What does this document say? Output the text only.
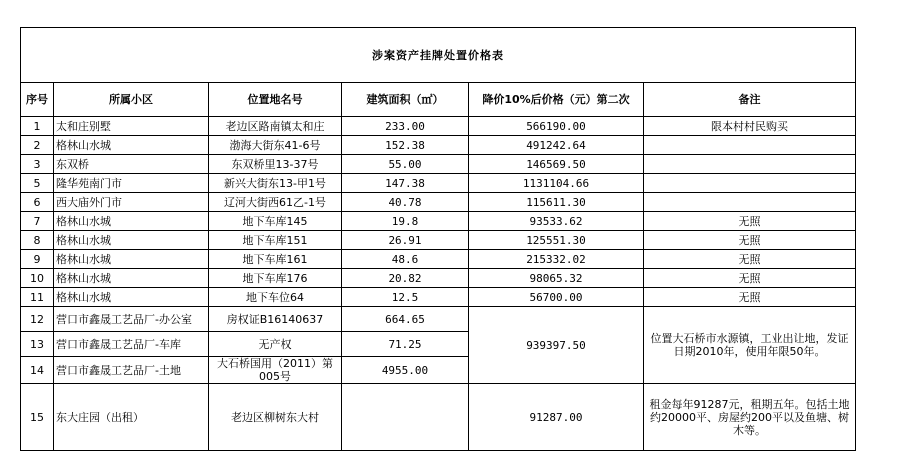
涉案资产挂牌处置价格表					
序号	所属小区	位置地名号	建筑面积（㎡）	降价10%后价格（元）第二次	备注
1	太和庄别墅	老边区路南镇太和庄	233.00	566190.00	限本村村民购买
2	格林山水城	渤海大街东41-6号	152.38	491242.64	
3	东双桥	东双桥里13-37号	55.00	146569.50	
5	隆华苑南门市	新兴大街东13-甲1号	147.38	1131104.66	
6	西大庙外门市	辽河大街西61乙-1号	40.78	115611.30	
7	格林山水城	地下车库145	19.8	93533.62	无照
8	格林山水城	地下车库151	26.91	125551.30	无照
9	格林山水城	地下车库161	48.6	215332.02	无照
10	格林山水城	地下车库176	20.82	98065.32	无照
11	格林山水城	地下车位64	12.5	56700.00	无照
12	营口市鑫晟工艺品厂-办公室	房权证B16140637	664.65	939397.50	位置大石桥市水源镇，工业出让地，发证日期2010年，使用年限50年。
13	营口市鑫晟工艺品厂-车库	无产权	71.25		
14	营口市鑫晟工艺品厂-土地	大石桥国用（2011）第005号	4955.00		
15	东大庄园（出租）	老边区柳树东大村		91287.00	租金每年91287元，租期五年。包括土地约20000平、房屋约200平以及鱼塘、树木等。
